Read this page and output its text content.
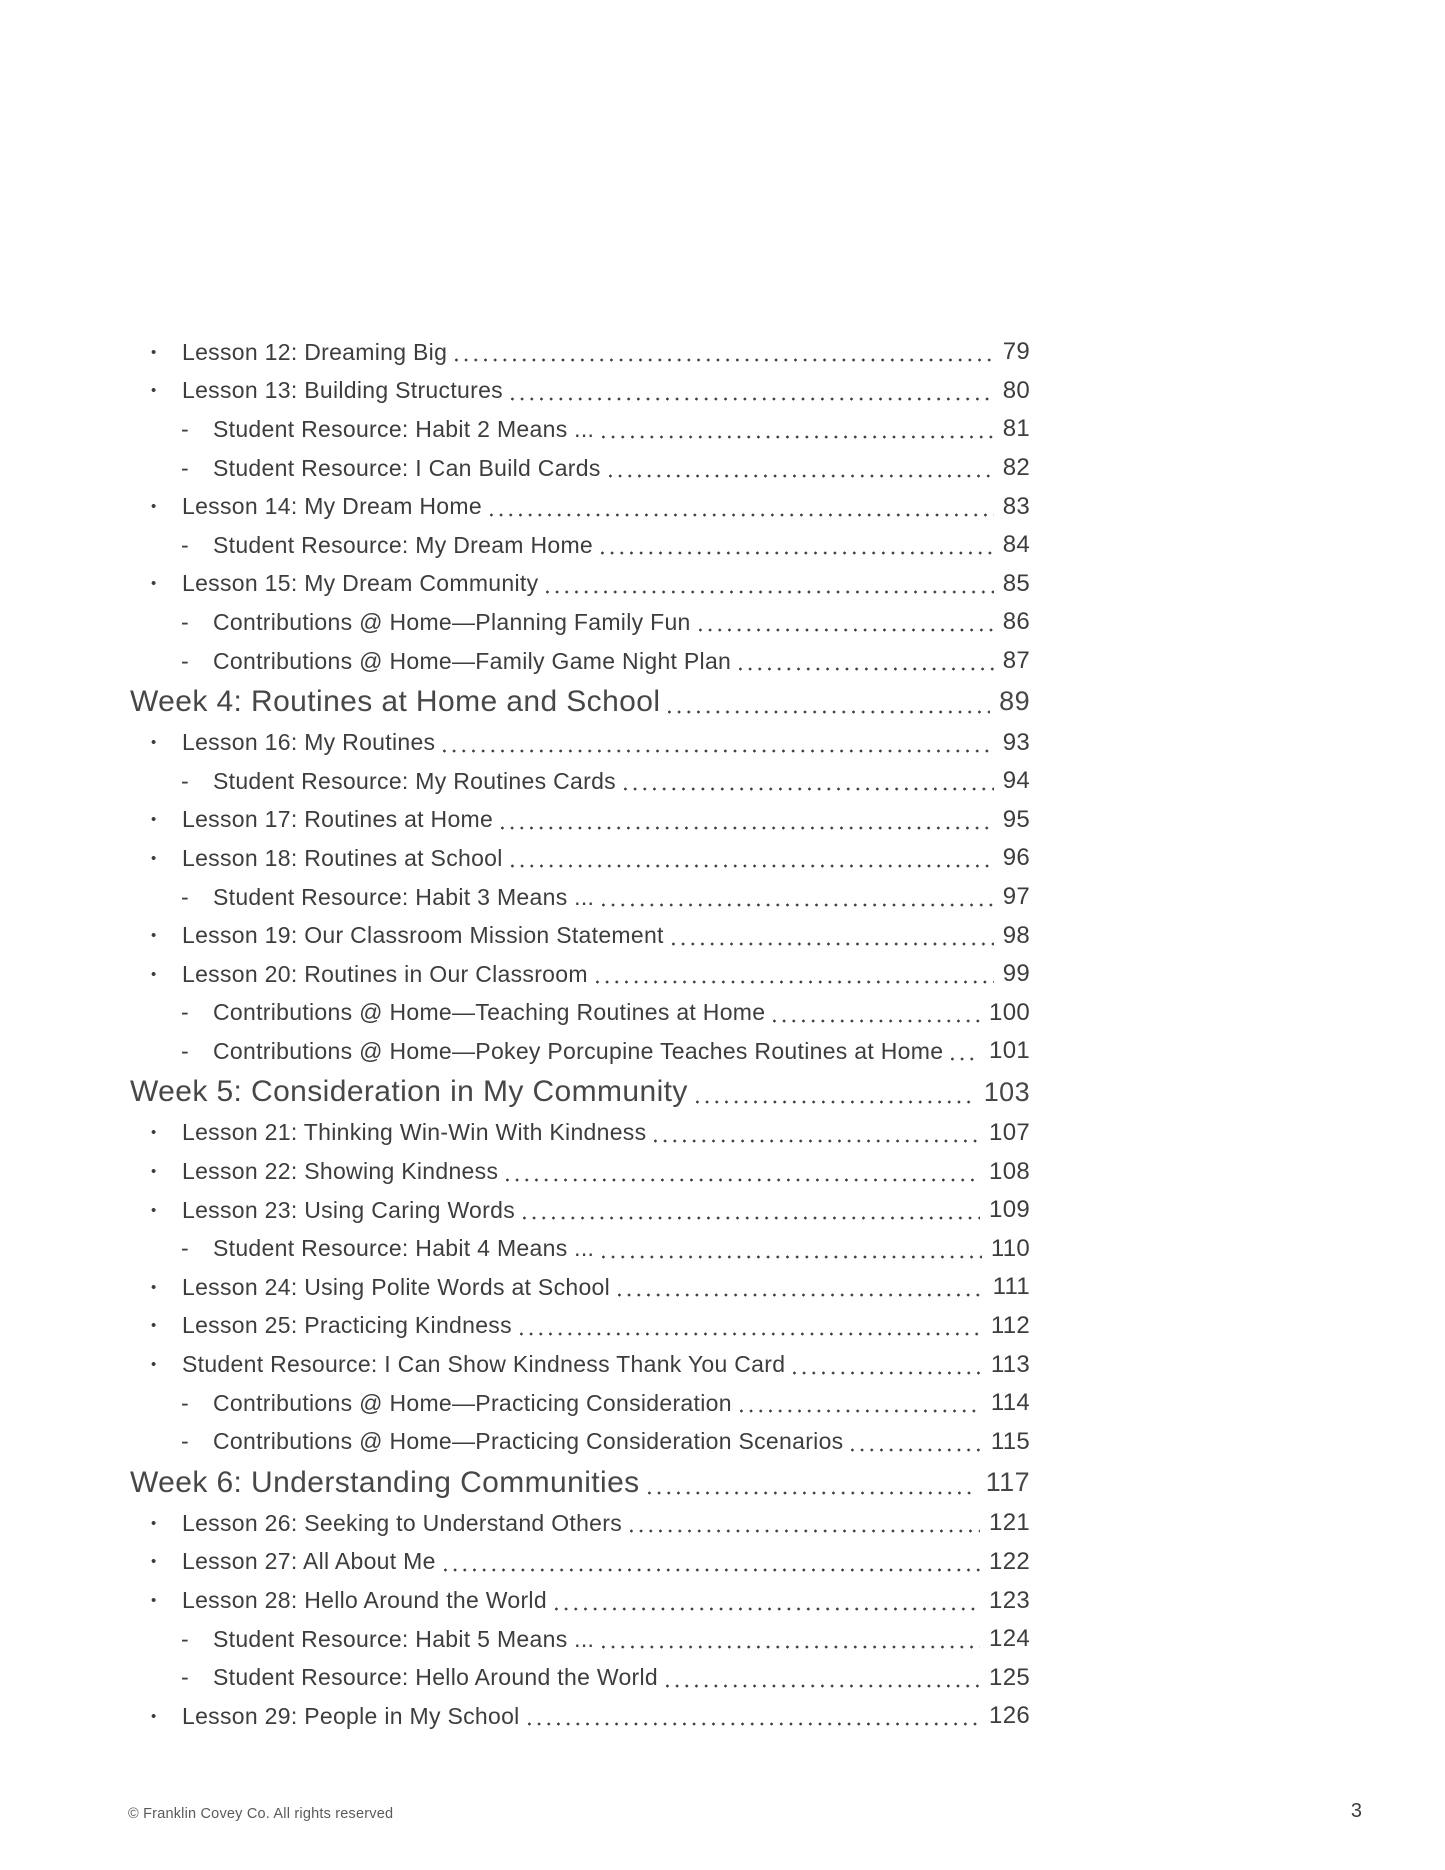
•	Lesson 12: Dreaming Big	79
•	Lesson 13: Building Structures	80
-	Student Resource: Habit 2 Means ...	81
-	Student Resource: I Can Build Cards	82
•	Lesson 14: My Dream Home	83
-	Student Resource: My Dream Home	84
•	Lesson 15: My Dream Community	85
-	Contributions @ Home—Planning Family Fun	86
-	Contributions @ Home—Family Game Night Plan	87
Week 4: Routines at Home and School	89
•	Lesson 16: My Routines	93
-	Student Resource: My Routines Cards	94
•	Lesson 17: Routines at Home	95
•	Lesson 18: Routines at School	96
-	Student Resource: Habit 3 Means ...	97
•	Lesson 19: Our Classroom Mission Statement	98
•	Lesson 20: Routines in Our Classroom	99
-	Contributions @ Home—Teaching Routines at Home	100
-	Contributions @ Home—Pokey Porcupine Teaches Routines at Home 101
Week 5: Consideration in My Community	103
•	Lesson 21: Thinking Win-Win With Kindness	107
•	Lesson 22: Showing Kindness	108
•	Lesson 23: Using Caring Words	109
-	Student Resource: Habit 4 Means ...	110
•	Lesson 24: Using Polite Words at School	111
•	Lesson 25: Practicing Kindness	112
•	Student Resource: I Can Show Kindness Thank You Card	113
-	Contributions @ Home—Practicing Consideration	114
-	Contributions @ Home—Practicing Consideration Scenarios	115
Week 6: Understanding Communities	117
•	Lesson 26: Seeking to Understand Others	121
•	Lesson 27: All About Me	122
•	Lesson 28: Hello Around the World	123
-	Student Resource: Habit 5 Means ...	124
-	Student Resource: Hello Around the World	125
•	Lesson 29: People in My School	126
© Franklin Covey Co. All rights reserved	3
